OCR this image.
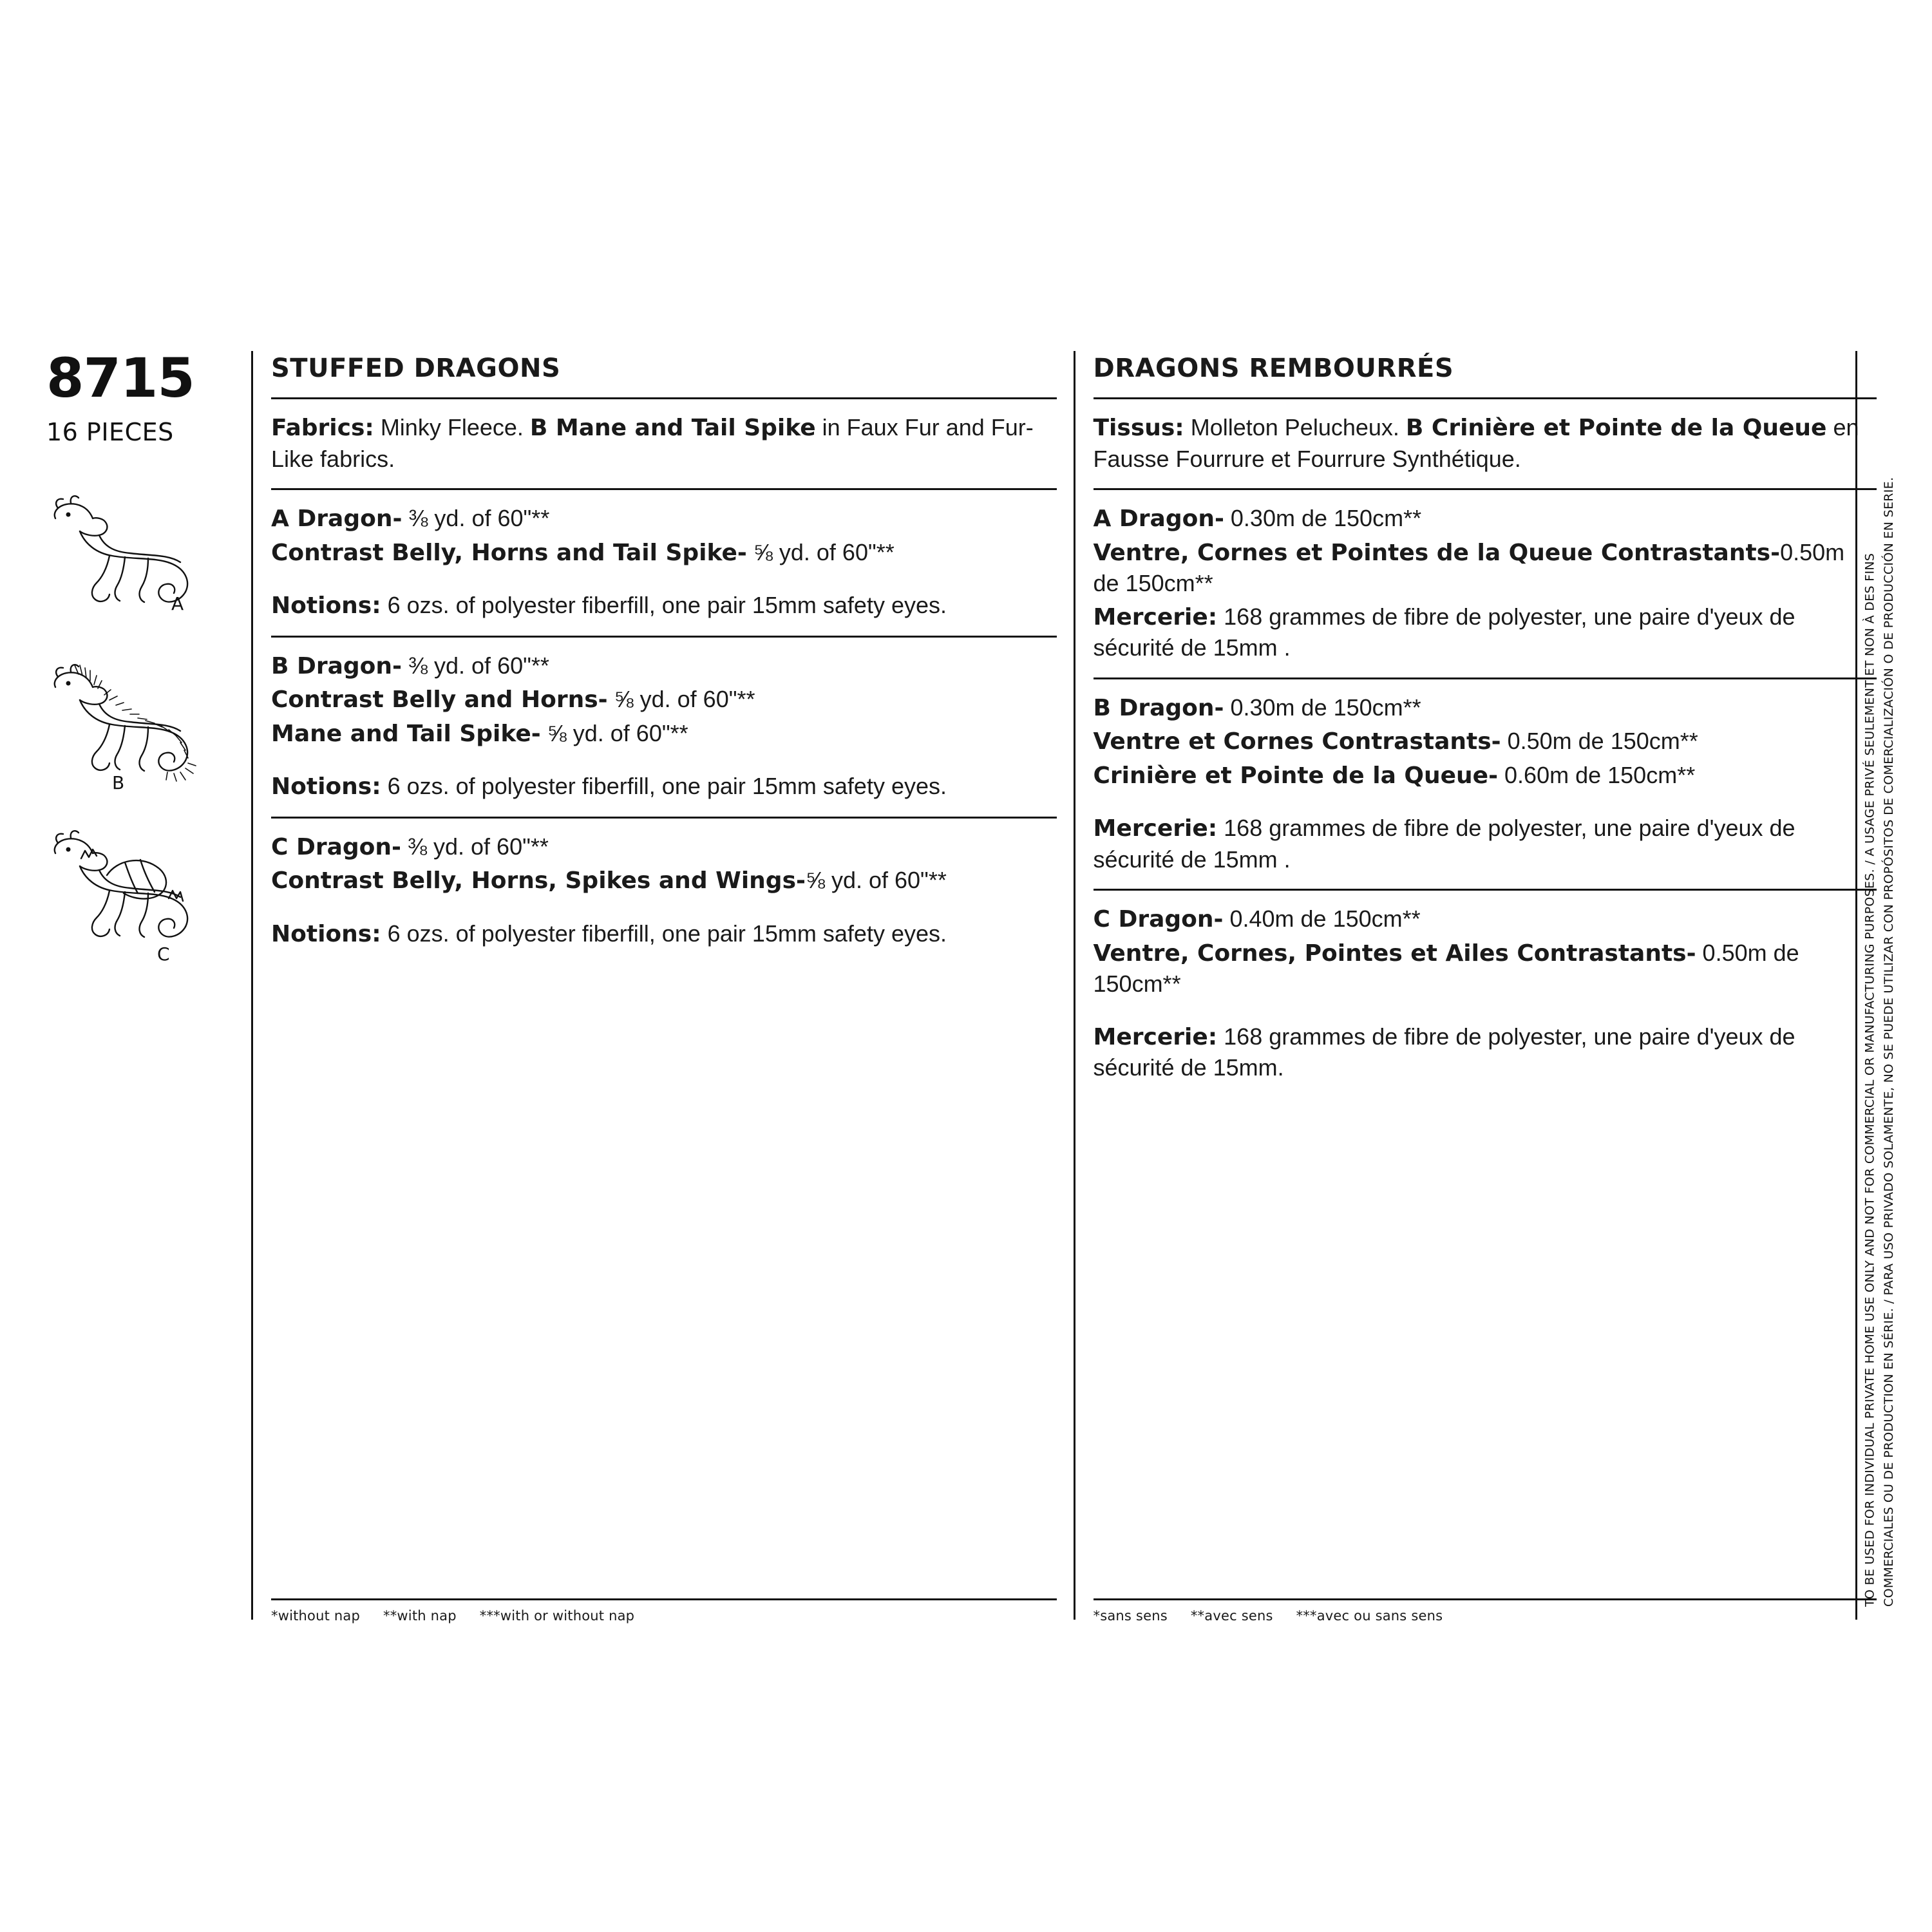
8715
16 PIECES
A
B
C
STUFFED DRAGONS

Fabrics: Minky Fleece. B Mane and Tail Spike in Faux Fur and Fur-Like fabrics.

A Dragon- ⅜ yd. of 60"**

Contrast Belly, Horns and Tail Spike- ⅝ yd. of 60"**

Notions: 6 ozs. of polyester fiberfill, one pair 15mm safety eyes.

B Dragon- ⅜ yd. of 60"**

Contrast Belly and Horns- ⅝ yd. of 60"**

Mane and Tail Spike- ⅝ yd. of 60"**

Notions: 6 ozs. of polyester fiberfill, one pair 15mm safety eyes.

C Dragon- ⅜ yd. of 60"**

Contrast Belly, Horns, Spikes and Wings-⅝ yd. of 60"**

Notions: 6 ozs. of polyester fiberfill, one pair 15mm safety eyes.

*without nap **with nap ***with or without nap
DRAGONS REMBOURRÉS

Tissus: Molleton Pelucheux. B Crinière et Pointe de la Queue en Fausse Fourrure et Fourrure Synthétique.

A Dragon- 0.30m de 150cm**

Ventre, Cornes et Pointes de la Queue Contrastants-0.50m de 150cm**

Mercerie: 168 grammes de fibre de polyester, une paire d'yeux de sécurité de 15mm .

B Dragon- 0.30m de 150cm**

Ventre et Cornes Contrastants- 0.50m de 150cm**

Crinière et Pointe de la Queue- 0.60m de 150cm**

Mercerie: 168 grammes de fibre de polyester, une paire d'yeux de sécurité de 15mm .

C Dragon- 0.40m de 150cm**

Ventre, Cornes, Pointes et Ailes Contrastants- 0.50m de 150cm**

Mercerie: 168 grammes de fibre de polyester, une paire d'yeux de sécurité de 15mm.

*sans sens **avec sens ***avec ou sans sens
TO BE USED FOR INDIVIDUAL PRIVATE HOME USE ONLY AND NOT FOR COMMERCIAL OR MANUFACTURING PURPOSES. / A USAGE PRIVÉ SEULEMENT ET NON À DES FINS COMMERCIALES OU DE PRODUCTION EN SÉRIE. / PARA USO PRIVADO SOLAMENTE, NO SE PUEDE UTILIZAR CON PROPÓSITOS DE COMERCIALIZACIÓN O DE PRODUCCIÓN EN SERIE.
